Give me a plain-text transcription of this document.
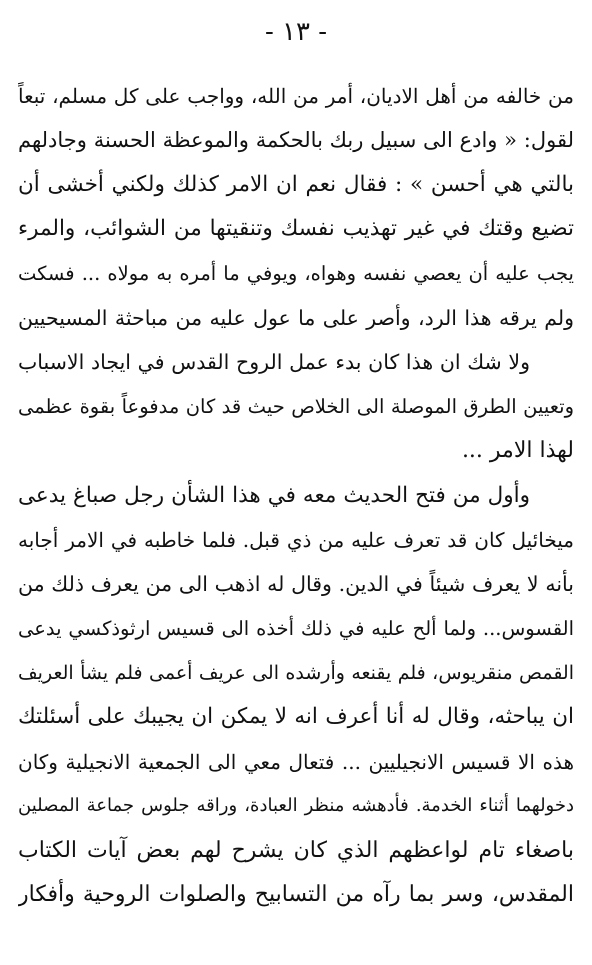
- ١٣ -
من خالفه من أهل الاديان، أمر من الله، وواجب على كل مسلم، تبعاً
لقول: « وادع الى سبيل ربك بالحكمة والموعظة الحسنة وجادلهم
بالتي هي أحسن » : فقال نعم ان الامر كذلك ولكني أخشى أن
تضيع وقتك في غير تهذيب نفسك وتنقيتها من الشوائب، والمرء
يجب عليه أن يعصي نفسه وهواه، ويوفي ما أمره به مولاه ... فسكت
ولم يرقه هذا الرد، وأصر على ما عول عليه من مباحثة المسيحيين
ولا شك ان هذا كان بدء عمل الروح القدس في ايجاد الاسباب
وتعيين الطرق الموصلة الى الخلاص حيث قد كان مدفوعاً بقوة عظمى
لهذا الامر ...
وأول من فتح الحديث معه في هذا الشأن رجل صباغ يدعى
ميخائيل كان قد تعرف عليه من ذي قبل. فلما خاطبه في الامر أجابه
بأنه لا يعرف شيئاً في الدين. وقال له اذهب الى من يعرف ذلك من
القسوس... ولما ألح عليه في ذلك أخذه الى قسيس ارثوذكسي يدعى
القمص منقريوس، فلم يقنعه وأرشده الى عريف أعمى فلم يشأ العريف
ان يباحثه، وقال له أنا أعرف انه لا يمكن ان يجيبك على أسئلتك
هذه الا قسيس الانجيليين ... فتعال معي الى الجمعية الانجيلية وكان
دخولهما أثناء الخدمة. فأدهشه منظر العبادة، وراقه جلوس جماعة المصلين
باصغاء تام لواعظهم الذي كان يشرح لهم بعض آيات الكتاب
المقدس، وسر بما رآه من التسابيح والصلوات الروحية وأفكار
